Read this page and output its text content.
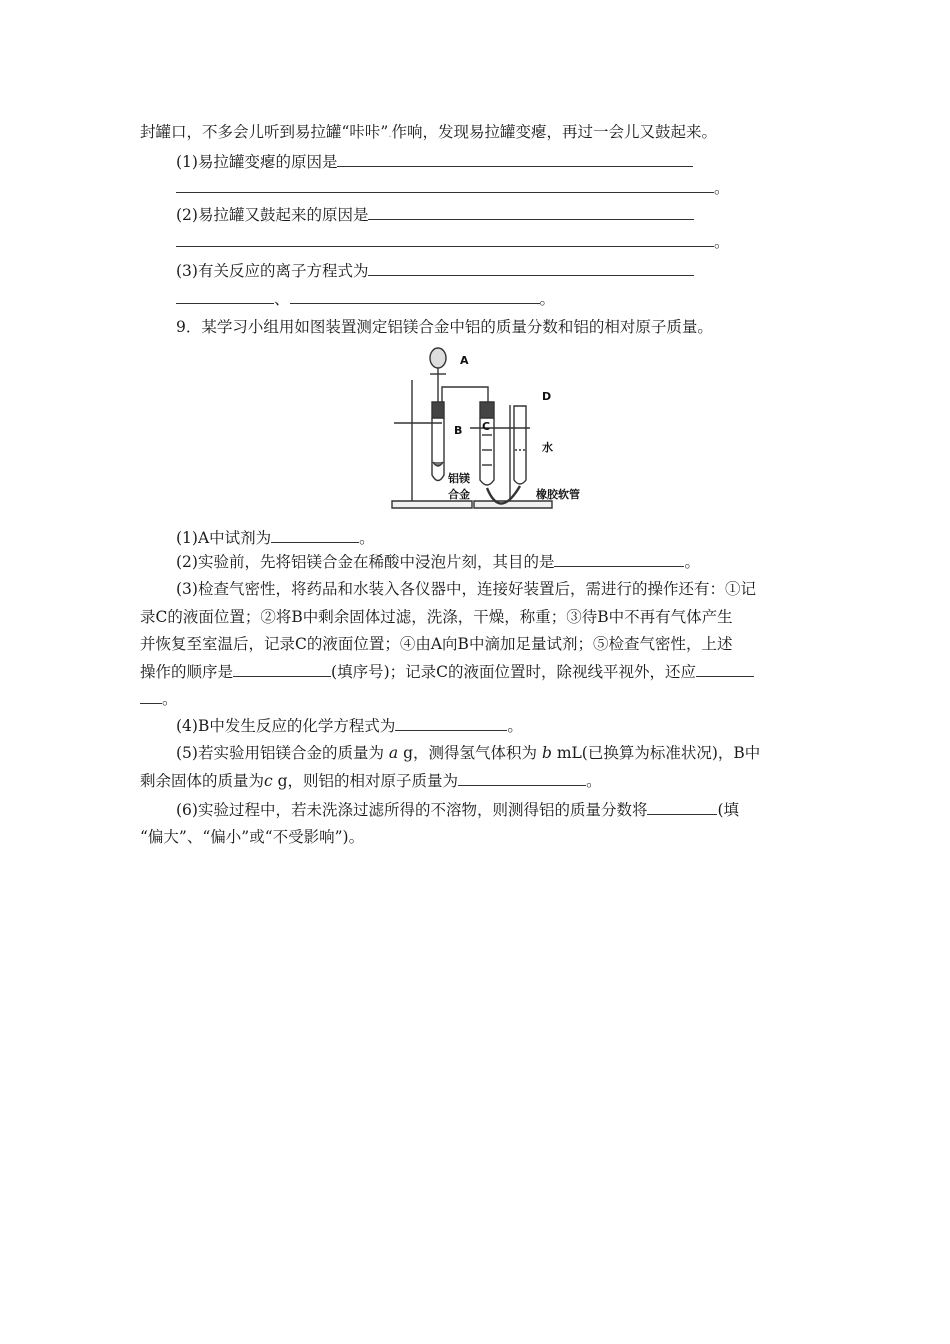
封罐口，不多会儿听到易拉罐“咔咔”.作响，发现易拉罐变瘪，再过一会儿又鼓起来。
(1)易拉罐变瘪的原因是
。
(2)易拉罐又鼓起来的原因是
。
(3)有关反应的离子方程式为
、	。
9．某学习小组用如图装置测定铝镁合金中铝的质量分数和铝的相对原子质量。
A
B C
D
水
铝镁
合金	橡胶软管
(1)A中试剂为	。
(2)实验前，先将铝镁合金在稀酸中浸泡片刻，其目的是	。
(3)检查气密性，将药品和水装入各仪器中，连接好装置后，需进行的操作还有：①记
录C的液面位置；②将B中剩余固体过滤，洗涤，干燥，称重；③待B中不再有气体产生
并恢复至室温后，记录C的液面位置；④由A向B中滴加足量试剂；⑤检查气密性，上述
操作的顺序是	(填序号)；记录C的液面位置时，除视线平视外，还应
。
(4)B中发生反应的化学方程式为	。
(5)若实验用铝镁合金的质量为 a g，测得氢气体积为 b mL(已换算为标准状况)，B中
剩余固体的质量为c g，则铝的相对原子质量为	。
(6)实验过程中，若未洗涤过滤所得的不溶物，则测得铝的质量分数将	(填
“偏大”、“偏小”或“不受影响”)。
